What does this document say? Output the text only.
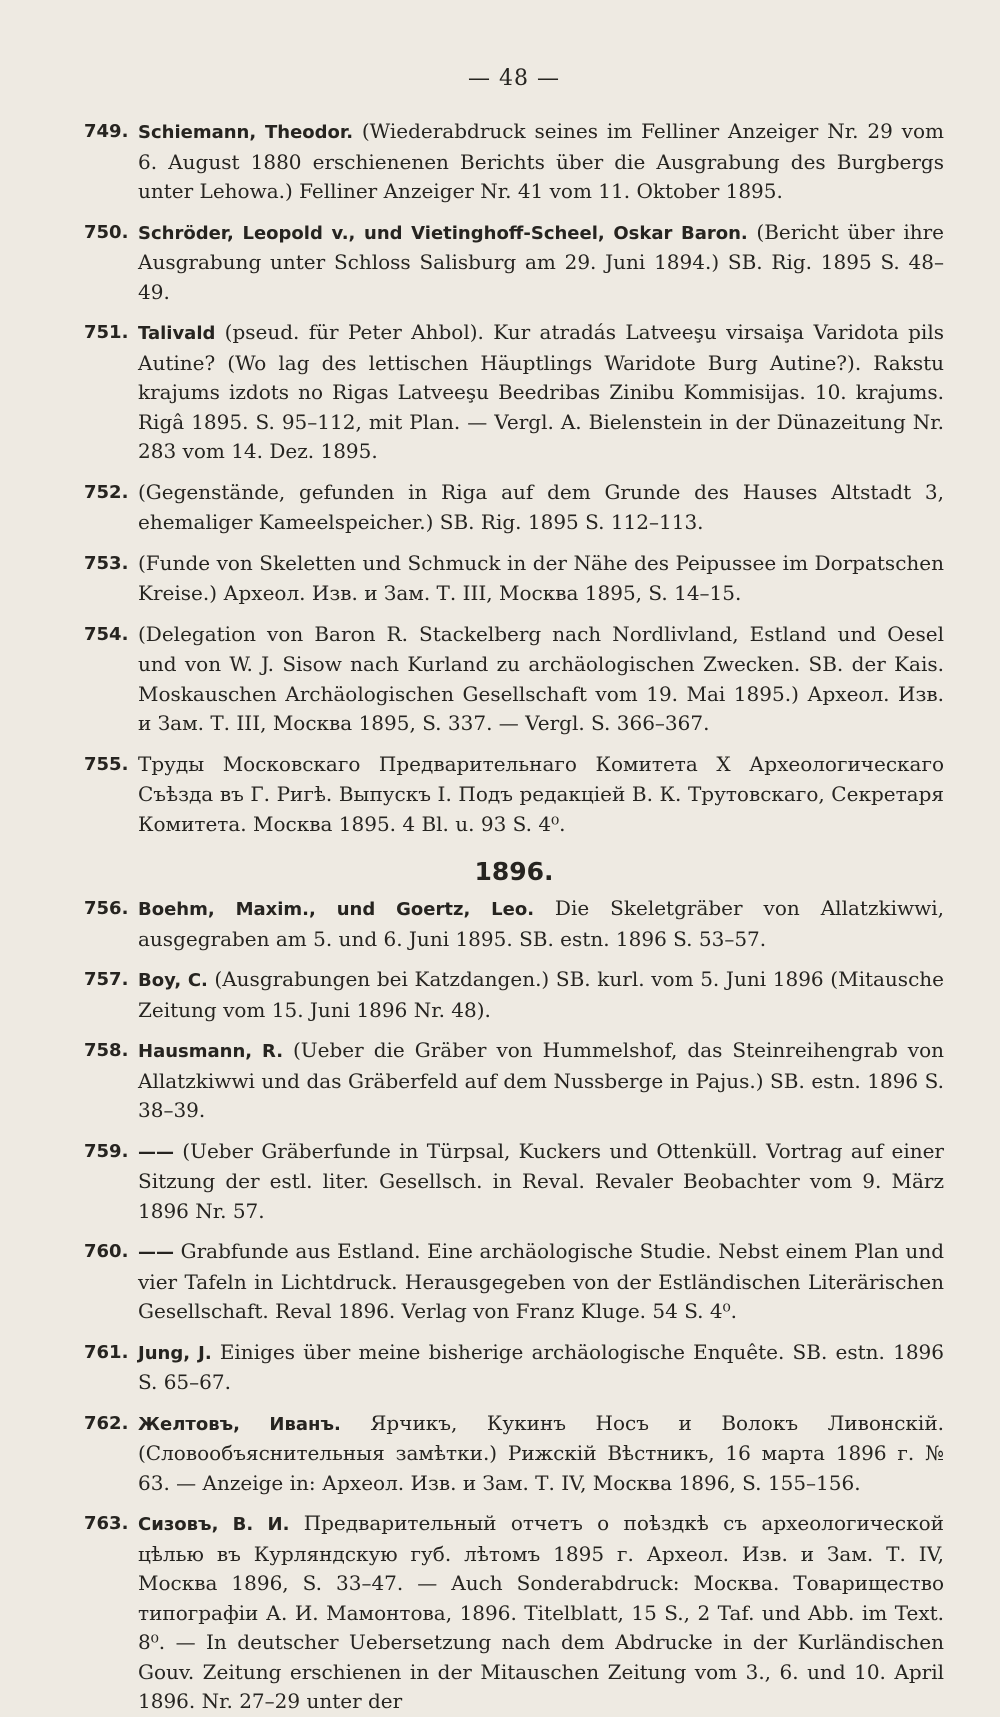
— 48 —
749. Schiemann, Theodor. (Wiederabdruck seines im Felliner Anzeiger Nr. 29 vom 6. August 1880 erschienenen Berichts über die Ausgrabung des Burgbergs unter Lehowa.) Felliner Anzeiger Nr. 41 vom 11. Oktober 1895.
750. Schröder, Leopold v., und Vietinghoff-Scheel, Oskar Baron. (Bericht über ihre Ausgrabung unter Schloss Salisburg am 29. Juni 1894.) SB. Rig. 1895 S. 48–49.
751. Talivald (pseud. für Peter Ahbol). Kur atradás Latveeşu virsaişa Varidota pils Autine? (Wo lag des lettischen Häuptlings Waridote Burg Autine?). Rakstu krajums izdots no Rigas Latveeşu Beedribas Zinibu Kommisijas. 10. krajums. Rigâ 1895. S. 95–112, mit Plan. — Vergl. A. Bielenstein in der Dünazeitung Nr. 283 vom 14. Dez. 1895.
752. (Gegenstände, gefunden in Riga auf dem Grunde des Hauses Altstadt 3, ehemaliger Kameelspeicher.) SB. Rig. 1895 S. 112–113.
753. (Funde von Skeletten und Schmuck in der Nähe des Peipussee im Dorpatschen Kreise.) Археол. Изв. и Зам. Т. III, Москва 1895, S. 14–15.
754. (Delegation von Baron R. Stackelberg nach Nordlivland, Estland und Oesel und von W. J. Sisow nach Kurland zu archäologischen Zwecken. SB. der Kais. Moskauschen Archäologischen Gesellschaft vom 19. Mai 1895.) Археол. Изв. и Зам. Т. III, Москва 1895, S. 337. — Vergl. S. 366–367.
755. Труды Московскаго Предварительнаго Комитета X Археологическаго Съѣзда въ Г. Ригѣ. Выпускъ I. Подъ редакціей В. К. Трутовскаго, Секретаря Комитета. Москва 1895. 4 Bl. u. 93 S. 4⁰.
1896.
756. Boehm, Maxim., und Goertz, Leo. Die Skeletgräber von Allatzkiwwi, ausgegraben am 5. und 6. Juni 1895. SB. estn. 1896 S. 53–57.
757. Boy, C. (Ausgrabungen bei Katzdangen.) SB. kurl. vom 5. Juni 1896 (Mitausche Zeitung vom 15. Juni 1896 Nr. 48).
758. Hausmann, R. (Ueber die Gräber von Hummelshof, das Steinreihengrab von Allatzkiwwi und das Gräberfeld auf dem Nussberge in Pajus.) SB. estn. 1896 S. 38–39.
759. —— (Ueber Gräberfunde in Türpsal, Kuckers und Ottenküll. Vortrag auf einer Sitzung der estl. liter. Gesellsch. in Reval. Revaler Beobachter vom 9. März 1896 Nr. 57.
760. —— Grabfunde aus Estland. Eine archäologische Studie. Nebst einem Plan und vier Tafeln in Lichtdruck. Herausgegeben von der Estländischen Literärischen Gesellschaft. Reval 1896. Verlag von Franz Kluge. 54 S. 4⁰.
761. Jung, J. Einiges über meine bisherige archäologische Enquête. SB. estn. 1896 S. 65–67.
762. Желтовъ, Иванъ. Ярчикъ, Кукинъ Носъ и Волокъ Ливонскій. (Словообъяснительныя замѣтки.) Рижскій Вѣстникъ, 16 марта 1896 г. № 63. — Anzeige in: Археол. Изв. и Зам. Т. IV, Москва 1896, S. 155–156.
763. Сизовъ, В. И. Предварительный отчетъ о поѣздкѣ съ археологической цѣлью въ Курляндскую губ. лѣтомъ 1895 г. Археол. Изв. и Зам. Т. IV, Москва 1896, S. 33–47. — Auch Sonderabdruck: Москва. Товарищество типографіи А. И. Мамонтова, 1896. Titelblatt, 15 S., 2 Taf. und Abb. im Text. 8⁰. — In deutscher Uebersetzung nach dem Abdrucke in der Kurländischen Gouv. Zeitung erschienen in der Mitauschen Zeitung vom 3., 6. und 10. April 1896. Nr. 27–29 unter der
